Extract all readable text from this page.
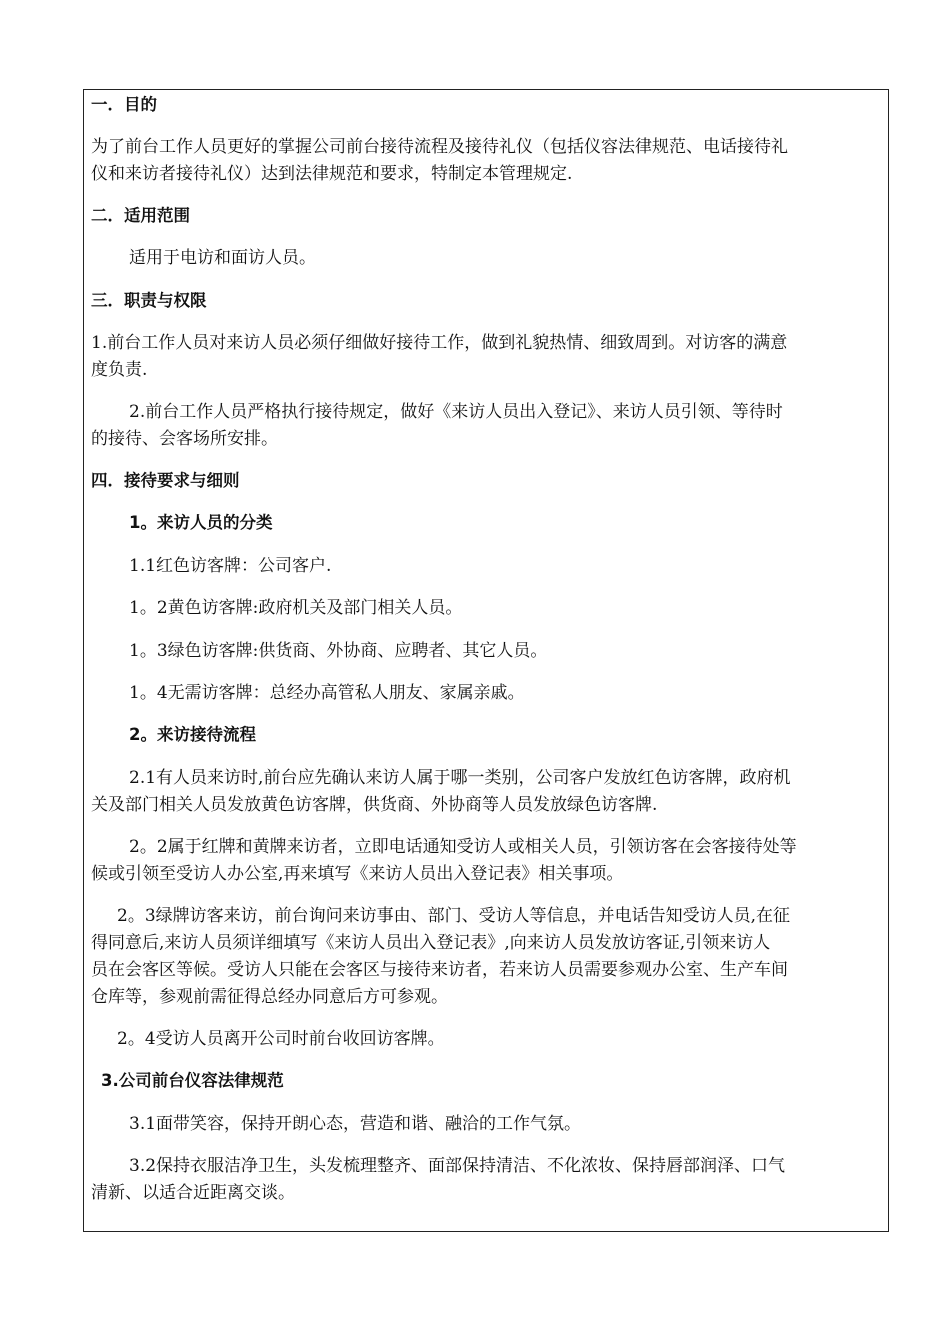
一．目的
为了前台工作人员更好的掌握公司前台接待流程及接待礼仪（包括仪容法律规范、电话接待礼
仪和来访者接待礼仪）达到法律规范和要求，特制定本管理规定.
二．适用范围
适用于电访和面访人员。
三．职责与权限
1.前台工作人员对来访人员必须仔细做好接待工作，做到礼貌热情、细致周到。对访客的满意
度负责.
2.前台工作人员严格执行接待规定，做好《来访人员出入登记》、来访人员引领、等待时
的接待、会客场所安排。
四．接待要求与细则
1。来访人员的分类
1.1红色访客牌：公司客户.
1。2黄色访客牌:政府机关及部门相关人员。
1。3绿色访客牌:供货商、外协商、应聘者、其它人员。
1。4无需访客牌：总经办高管私人朋友、家属亲戚。
2。来访接待流程
2.1有人员来访时,前台应先确认来访人属于哪一类别，公司客户发放红色访客牌，政府机
关及部门相关人员发放黄色访客牌，供货商、外协商等人员发放绿色访客牌.
2。2属于红牌和黄牌来访者，立即电话通知受访人或相关人员，引领访客在会客接待处等
候或引领至受访人办公室,再来填写《来访人员出入登记表》相关事项。
2。3绿牌访客来访，前台询问来访事由、部门、受访人等信息，并电话告知受访人员,在征
得同意后,来访人员须详细填写《来访人员出入登记表》,向来访人员发放访客证,引领来访人
员在会客区等候。受访人只能在会客区与接待来访者，若来访人员需要参观办公室、生产车间
仓库等，参观前需征得总经办同意后方可参观。
2。4受访人员离开公司时前台收回访客牌。
3.公司前台仪容法律规范
3.1面带笑容，保持开朗心态，营造和谐、融洽的工作气氛。
3.2保持衣服洁净卫生，头发梳理整齐、面部保持清洁、不化浓妆、保持唇部润泽、口气
清新、以适合近距离交谈。
